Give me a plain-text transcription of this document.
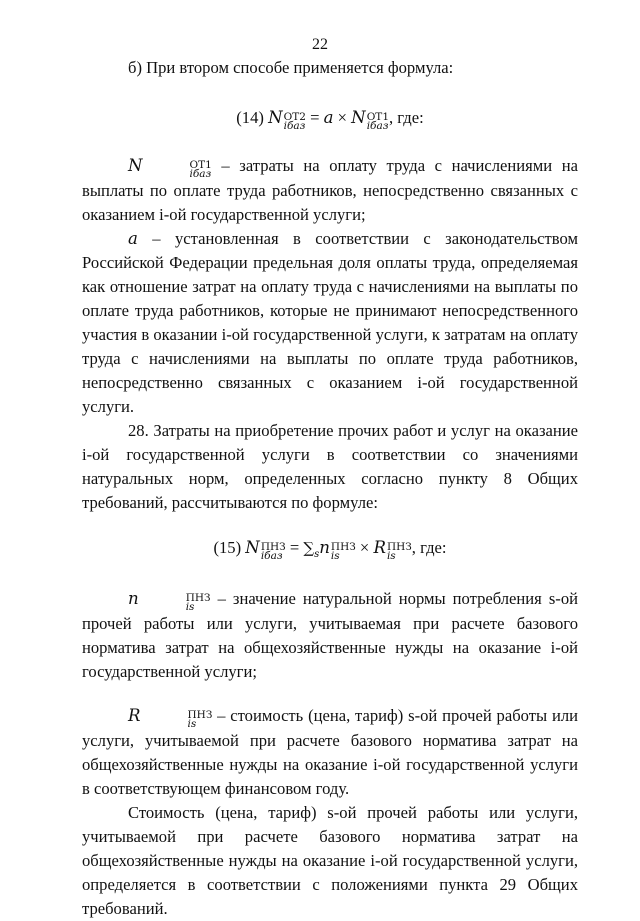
22

б) При втором способе применяется формула:

(14) N ОТ2
iбаз = a × N ОТ1
iбаз , где:

N	ОТ1
iбаз – затраты на оплату труда с начислениями на выплаты по оплате труда работников, непосредственно связанных с оказанием i-ой государственной услуги;

a – установленная в соответствии с законодательством Российской Федерации предельная доля оплаты труда, определяемая как отношение затрат на оплату труда с начислениями на выплаты по оплате труда работников, которые не принимают непосредственного участия в оказании i-ой государственной услуги, к затратам на оплату труда с начислениями на выплаты по оплате труда работников, непосредственно связанных с оказанием i-ой государственной услуги.

28. Затраты на приобретение прочих работ и услуг на оказание i-ой государственной услуги в соответствии со значениями натуральных норм, определенных согласно пункту 8 Общих требований, рассчитываются по формуле:

(15) N ПНЗ
iбаз = $\sum_sn$ ПНЗ
is	× R ПНЗ
is , где:

n	ПНЗ
is – значение натуральной нормы потребления s-ой прочей работы или услуги, учитываемая при расчете базового норматива затрат на общехозяйственные нужды на оказание i-ой государственной услуги;

R	ПНЗ
is – стоимость (цена, тариф) s-ой прочей работы или услуги, учитываемой при расчете базового норматива затрат на общехозяйственные нужды на оказание i-ой государственной услуги в соответствующем финансовом году.

Стоимость (цена, тариф) s-ой прочей работы или услуги, учитываемой при расчете базового норматива затрат на общехозяйственные нужды на оказание i-ой государственной услуги, определяется в соответствии с положениями пункта 29 Общих требований.
